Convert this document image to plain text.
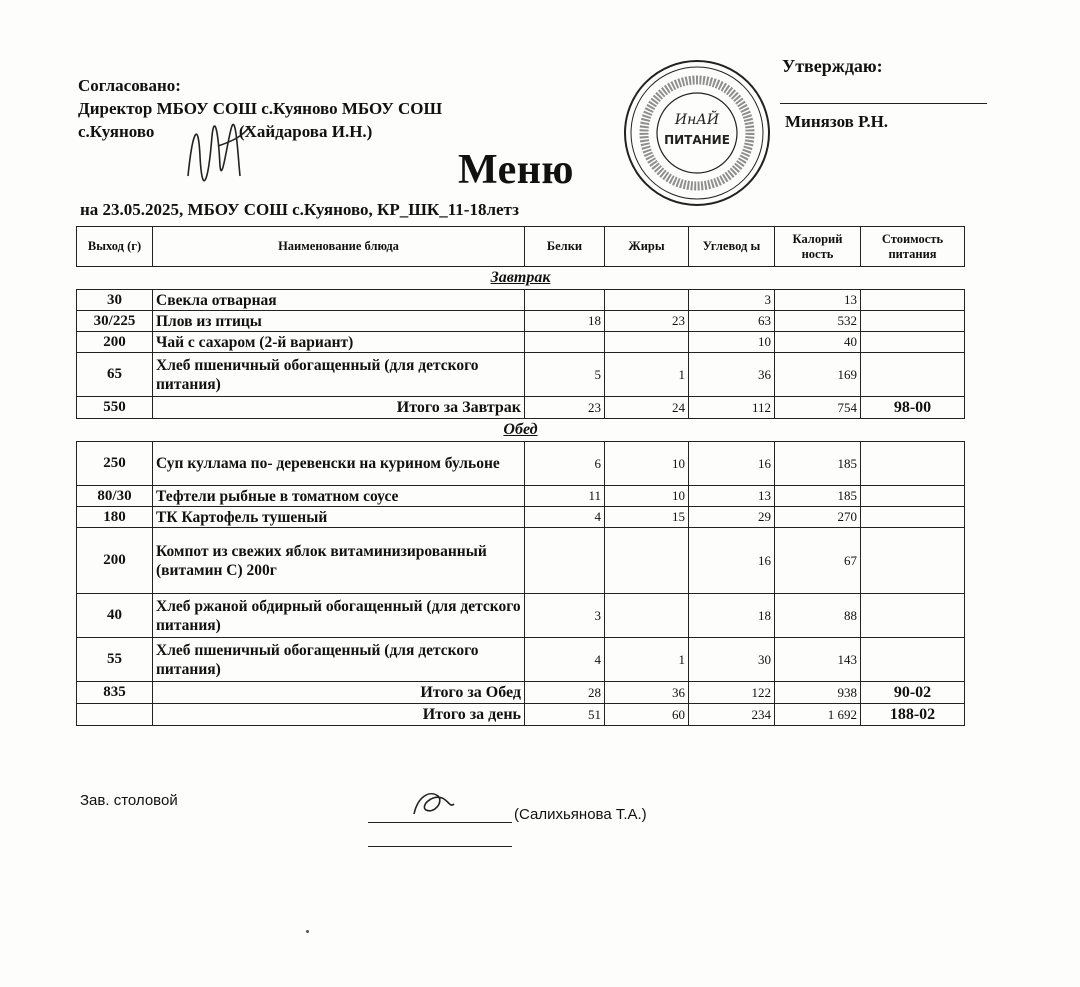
Согласовано:
Директор МБОУ СОШ с.Куяново МБОУ СОШ
с.Куяново	(Хайдарова И.Н.)
ИнАЙ
ПИТАНИЕ
Утверждаю:
Минязов Р.Н.
Меню
на 23.05.2025, МБОУ СОШ с.Куяново, КР_ШК_11-18летз
Выход (г)	Наименование блюда	Белки	Жиры	Углевод ы	Калорий ность	Стоимость питания
Завтрак						
30	Свекла отварная			3	13	
30/225	Плов из птицы	18	23	63	532	
200	Чай с сахаром (2-й вариант)			10	40	
65	Хлеб пшеничный обогащенный (для детского питания)	5	1	36	169	
550	Итого за Завтрак	23	24	112	754	98-00
Обед						
250	Суп куллама по- деревенски на курином бульоне	6	10	16	185	
80/30	Тефтели рыбные в томатном соусе	11	10	13	185	
180	ТК Картофель тушеный	4	15	29	270	
200	Компот из свежих яблок витаминизированный (витамин С) 200г			16	67	
40	Хлеб ржаной обдирный обогащенный (для детского питания)	3		18	88	
55	Хлеб пшеничный обогащенный (для детского питания)	4	1	30	143	
835	Итого за Обед	28	36	122	938	90-02
	Итого за день	51	60	234	1 692	188-02
Зав. столовой
(Салихьянова Т.А.)
